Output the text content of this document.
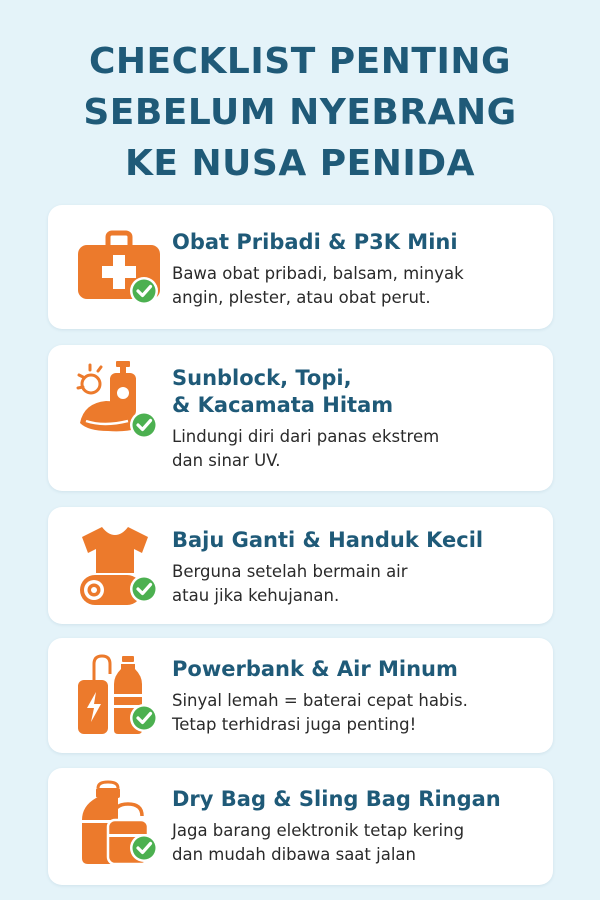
CHECKLIST PENTING
SEBELUM NYEBRANG
KE NUSA PENIDA
Obat Pribadi & P3K Mini
Bawa obat pribadi, balsam, minyak
angin, plester, atau obat perut.
Sunblock, Topi,
& Kacamata Hitam
Lindungi diri dari panas ekstrem
dan sinar UV.
Baju Ganti & Handuk Kecil
Berguna setelah bermain air
atau jika kehujanan.
Powerbank & Air Minum
Sinyal lemah = baterai cepat habis.
Tetap terhidrasi juga penting!
Dry Bag & Sling Bag Ringan
Jaga barang elektronik tetap kering
dan mudah dibawa saat jalan
